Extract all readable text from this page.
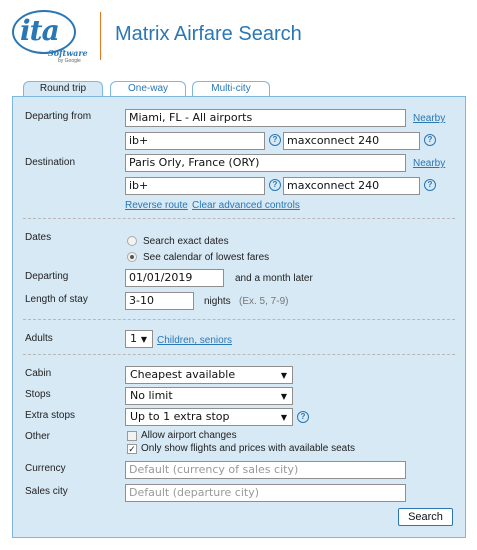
ita
Software
by Google
Matrix Airfare Search
Round trip	One-way	Multi-city
Departing from	Miami, FL - All airports	Nearby
ib+	? maxconnect 240	?
Destination	Paris Orly, France (ORY)	Nearby
ib+	? maxconnect 240	?
Reverse route Clear advanced controls
Dates	Search exact dates
See calendar of lowest fares
Departing	01/01/2019	and a month later
Length of stay	3-10	nights (Ex. 5, 7-9)
Adults	1 ▼ Children, seniors
Cabin	Cheapest available	▼
Stops	No limit	▼
Extra stops	Up to 1 extra stop	▼	?
Other	Allow airport changes
✓ Only show flights and prices with available seats
Currency	Default (currency of sales city)
Sales city	Default (departure city)
Search
